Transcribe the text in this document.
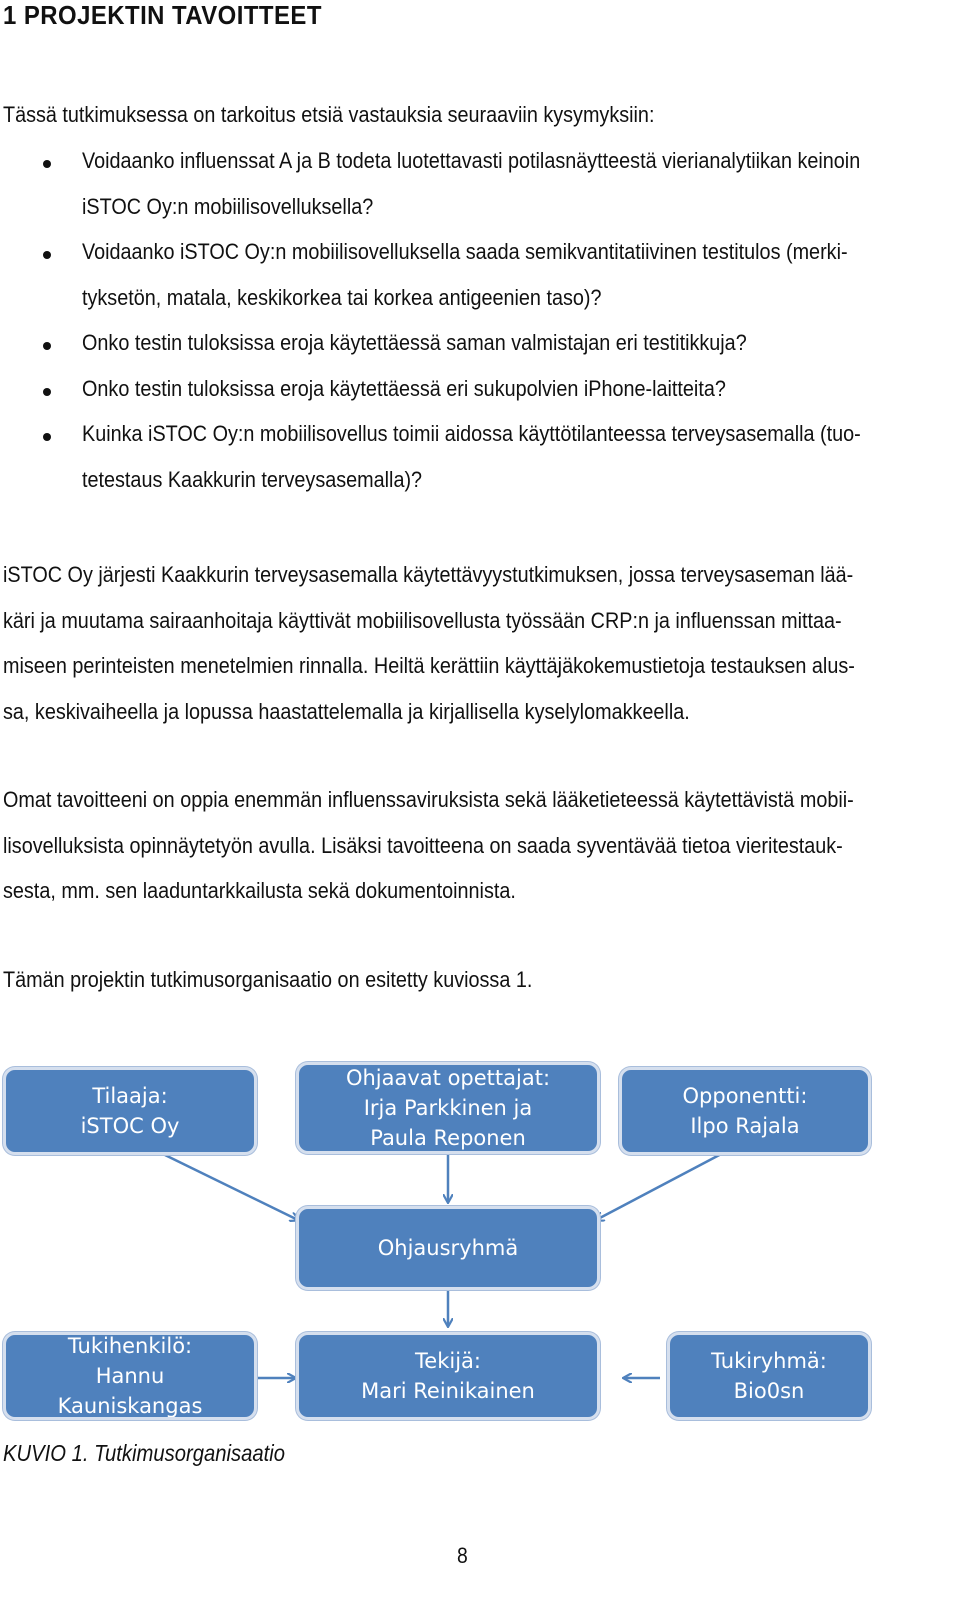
1 PROJEKTIN TAVOITTEET
Tässä tutkimuksessa on tarkoitus etsiä vastauksia seuraaviin kysymyksiin:
Voidaanko influenssat A ja B todeta luotettavasti potilasnäytteestä vierianalytiikan keinoin
iSTOC Oy:n mobiilisovelluksella?
Voidaanko iSTOC Oy:n mobiilisovelluksella saada semikvantitatiivinen testitulos (merki-
tyksetön, matala, keskikorkea tai korkea antigeenien taso)?
Onko testin tuloksissa eroja käytettäessä saman valmistajan eri testitikkuja?
Onko testin tuloksissa eroja käytettäessä eri sukupolvien iPhone-laitteita?
Kuinka iSTOC Oy:n mobiilisovellus toimii aidossa käyttötilanteessa terveysasemalla (tuo-
tetestaus Kaakkurin terveysasemalla)?
iSTOC Oy järjesti Kaakkurin terveysasemalla käytettävyystutkimuksen, jossa terveysaseman lää-
käri ja muutama sairaanhoitaja käyttivät mobiilisovellusta työssään CRP:n ja influenssan mittaa-
miseen perinteisten menetelmien rinnalla. Heiltä kerättiin käyttäjäkokemustietoja testauksen alus-
sa, keskivaiheella ja lopussa haastattelemalla ja kirjallisella kyselylomakkeella.
Omat tavoitteeni on oppia enemmän influenssaviruksista sekä lääketieteessä käytettävistä mobii-
lisovelluksista opinnäytetyön avulla. Lisäksi tavoitteena on saada syventävää tietoa vieritestauk-
sesta, mm. sen laaduntarkkailusta sekä dokumentoinnista.
Tämän projektin tutkimusorganisaatio on esitetty kuviossa 1.
Tilaaja:
iSTOC Oy
Ohjaavat opettajat:
Irja Parkkinen ja
Paula Reponen
Opponentti:
Ilpo Rajala
Ohjausryhmä
Tukihenkilö:
Hannu
Kauniskangas
Tekijä:
Mari Reinikainen
Tukiryhmä:
Bio0sn
KUVIO 1. Tutkimusorganisaatio
8
